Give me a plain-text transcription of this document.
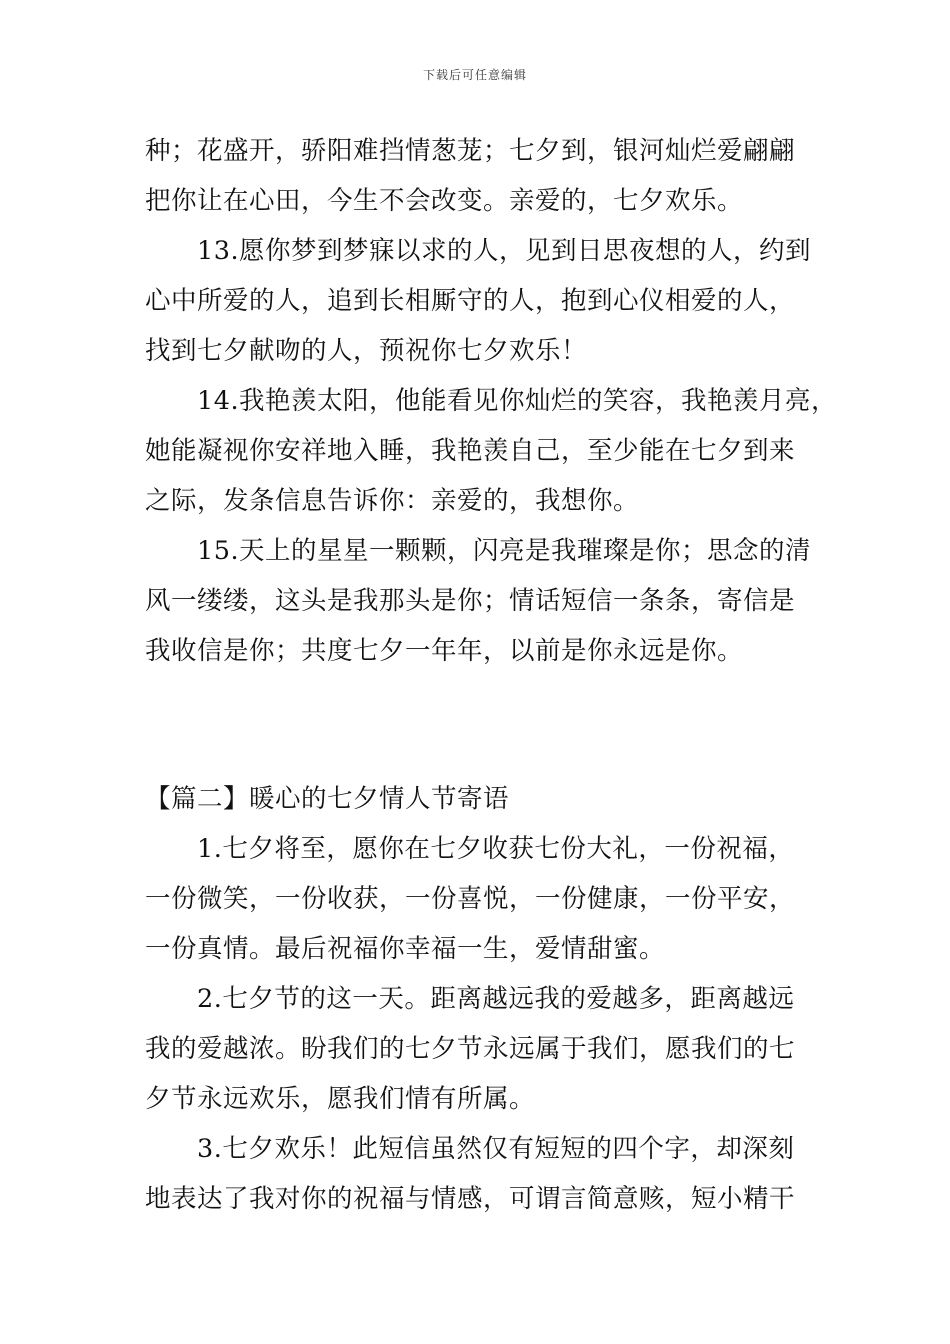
下载后可任意编辑
种；花盛开，骄阳难挡情葱茏；七夕到，银河灿烂爱翩翩
把你让在心田，今生不会改变。亲爱的，七夕欢乐。
13.愿你梦到梦寐以求的人，见到日思夜想的人，约到
心中所爱的人，追到长相厮守的人，抱到心仪相爱的人，
找到七夕献吻的人，预祝你七夕欢乐！
14.我艳羡太阳，他能看见你灿烂的笑容，我艳羡月亮，
她能凝视你安祥地入睡，我艳羡自己，至少能在七夕到来
之际，发条信息告诉你：亲爱的，我想你。
15.天上的星星一颗颗，闪亮是我璀璨是你；思念的清
风一缕缕，这头是我那头是你；情话短信一条条，寄信是
我收信是你；共度七夕一年年，以前是你永远是你。
【篇二】暖心的七夕情人节寄语
1.七夕将至，愿你在七夕收获七份大礼，一份祝福，
一份微笑，一份收获，一份喜悦，一份健康，一份平安，
一份真情。最后祝福你幸福一生，爱情甜蜜。
2.七夕节的这一天。距离越远我的爱越多，距离越远
我的爱越浓。盼我们的七夕节永远属于我们，愿我们的七
夕节永远欢乐，愿我们情有所属。
3.七夕欢乐！此短信虽然仅有短短的四个字，却深刻
地表达了我对你的祝福与情感，可谓言简意赅，短小精干
